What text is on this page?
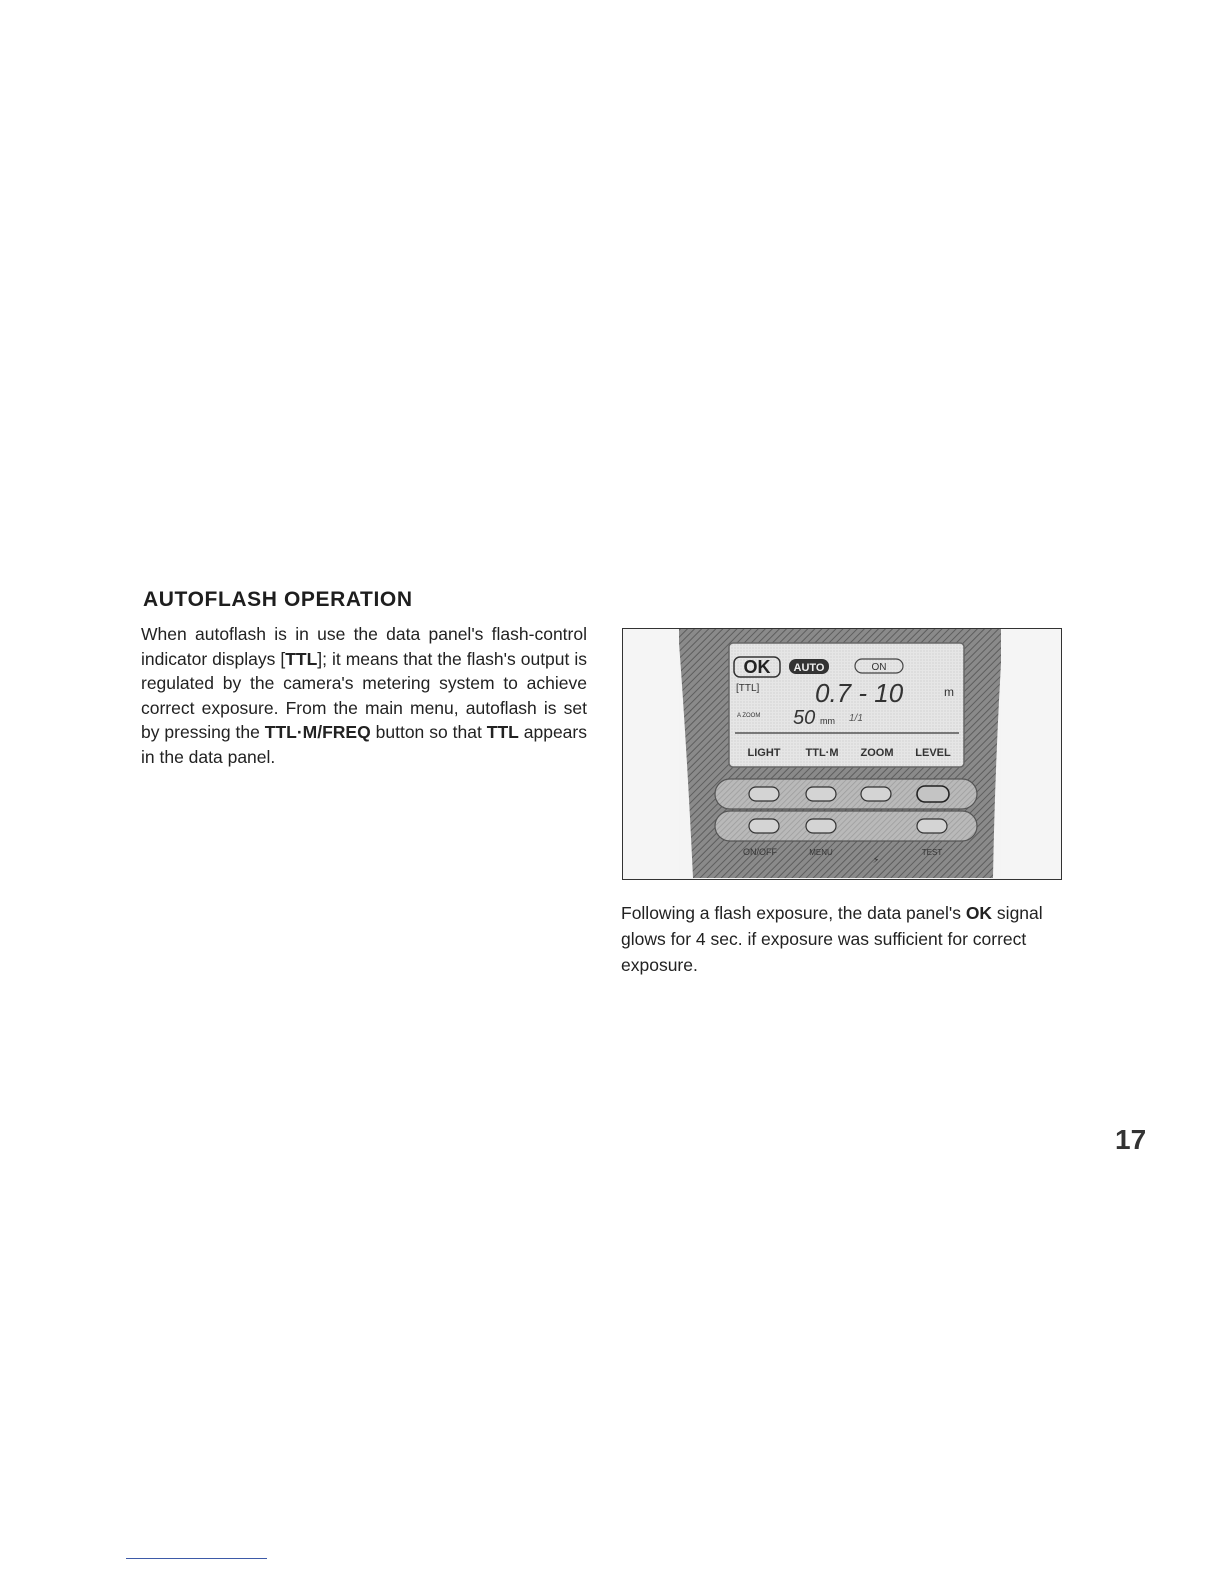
AUTOFLASH OPERATION

When autoflash is in use the data panel's flash-control indicator displays [TTL]; it means that the flash's output is regulated by the camera's metering system to achieve correct exposure. From the main menu, autoflash is set by pressing the TTL·M/FREQ button so that TTL appears in the data panel.

OK AUTO	ON
[TTL] 0.7 - 10	m
A ZOOM 50 mm 1/1
LIGHT TTL·M ZOOM LEVEL
ON/OFF	MENU
⚡
TEST

Following a flash exposure, the data panel's OK signal glows for 4 sec. if exposure was sufficient for correct exposure.

17
